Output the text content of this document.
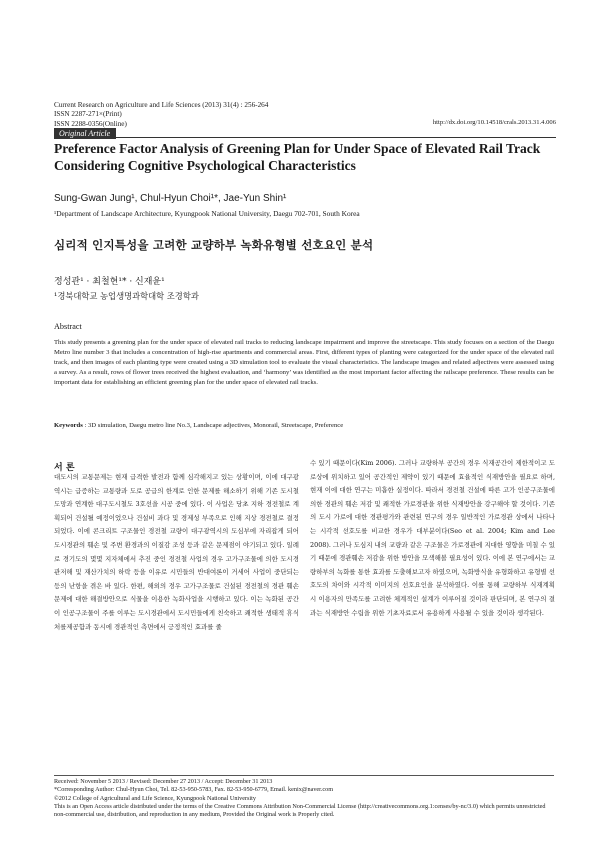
Current Research on Agriculture and Life Sciences (2013) 31(4) : 256-264
ISSN 2287-271×(Print)
ISSN 2288-0356(Online)	http://dx.doi.org/10.14518/crals.2013.31.4.006
Original Article
Preference Factor Analysis of Greening Plan for Under Space of Elevated Rail Track Considering Cognitive Psychological Characteristics
Sung-Gwan Jung¹, Chul-Hyun Choi¹*, Jae-Yun Shin¹
¹Department of Landscape Architecture, Kyungpook National University, Daegu 702-701, South Korea
심리적 인지특성을 고려한 교량하부 녹화유형별 선호요인 분석
정성관¹ · 최철현¹* · 신재윤¹
¹경북대학교 농업생명과학대학 조경학과
Abstract
This study presents a greening plan for the under space of elevated rail tracks to reducing landscape impairment and improve the streetscape. This study focuses on a section of the Daegu Metro line number 3 that includes a concentration of high-rise apartments and commercial areas. First, different types of planting were categorized for the under space of the elevated rail track, and then images of each planting type were created using a 3D simulation tool to evaluate the visual characteristics. The landscape images and related adjectives were assessed using a survey. As a result, rows of flower trees received the highest evaluation, and ‘harmony’ was identified as the most important factor affecting the railscape preference. These results can be important data for establishing an efficient greening plan for the under space of elevated rail tracks.
Keywords : 3D simulation, Daegu metro line No.3, Landscape adjectives, Monorail, Streetscape, Preference
서 론

대도시의 교통문제는 현재 급격한 발전과 함께 심각해지고 있는 상황이며, 이에 대구광역시는 급증하는 교통량과 도로 공급의 한계로 인한 문제를 해소하기 위해 기존 도시철도망과 연계한 대구도시철도 3호선을 시공 중에 있다. 이 사업은 당초 지하 경전철로 계획되어 건설될 예정이었으나 건설비 과다 및 경제성 부족으로 인해 지상 경전철로 결정되었다. 이에 콘크리트 구조물인 경전철 교량이 대구광역시의 도심부에 자리잡게 되어 도시경관의 훼손 및 주변 환경과의 이질감 조성 등과 같은 문제점이 야기되고 있다. 일례로 경기도의 몇몇 지자체에서 추진 중인 경전철 사업의 경우 고가구조물에 의한 도시경관저해 및 재산가치의 하락 등을 이유로 시민들의 반대여론이 거세어 사업이 중단되는 등의 난항을 겪은 바 있다. 한편, 해외의 경우 고가구조물로 건설된 경전철의 경관 훼손 문제에 대한 해결방안으로 식물을 이용한 녹화사업을 시행하고 있다. 이는 녹화된 공간이 인공구조물이 주를 이루는 도시경관에서 도시민들에게 친숙하고 쾌적한 생태적 휴식처를제공함과 동시에 경관적인 측면에서 긍정적인 효과를 줄

수 있기 때문이다(Kim 2006). 그러나 교량하부 공간의 경우 식재공간이 제한적이고 도로상에 위치하고 있어 공간적인 제약이 있기 때문에 효율적인 식재방안을 필요로 하며, 현재 이에 대한 연구는 미흡한 실정이다. 따라서 경전철 건설에 따른 고가 인공구조물에 의한 경관의 훼손 저감 및 쾌적한 가로경관을 위한 식재방안을 강구해야 할 것이다. 기존의 도시 가로에 대한 경관평가와 관련된 연구의 경우 일반적인 가로경관 상에서 나타나는 시각적 선호도를 비교한 경우가 대부분이다(Seo et al. 2004; Kim and Lee 2008). 그러나 도심지 내의 교량과 같은 구조물은 가로경관에 지대한 영향을 미칠 수 있기 때문에 경관훼손 저감을 위한 방안을 모색해볼 필요성이 있다. 이에 본 연구에서는 교량하부의 녹화를 통한 효과를 도출해보고자 하였으며, 녹화방식을 유형화하고 유형별 선호도의 차이와 시각적 이미지의 선호요인을 분석하였다. 이를 통해 교량하부 식재계획 시 이용자의 만족도를 고려한 체계적인 설계가 이루어질 것이라 판단되며, 본 연구의 결과는 식재방안 수립을 위한 기초자료로서 유용하게 사용될 수 있을 것이라 생각된다.

Received: November 5 2013 / Revised: December 27 2013 / Accept: December 31 2013

*Corresponding Author: Chul-Hyun Choi, Tel. 82-53-950-5783, Fax. 82-53-950-6779, Email. kenix@naver.com

©2012 College of Agricultural and Life Science, Kyungpook National University

This is an Open Access article distributed under the terms of the Creative Commons Attribution Non-Commercial License (http://creativecommons.org.1:censes/by-nc/3.0) which permits unrestricted non-commercial use, distribution, and reproduction in any medium, Provided the Original work is Properly cited.
